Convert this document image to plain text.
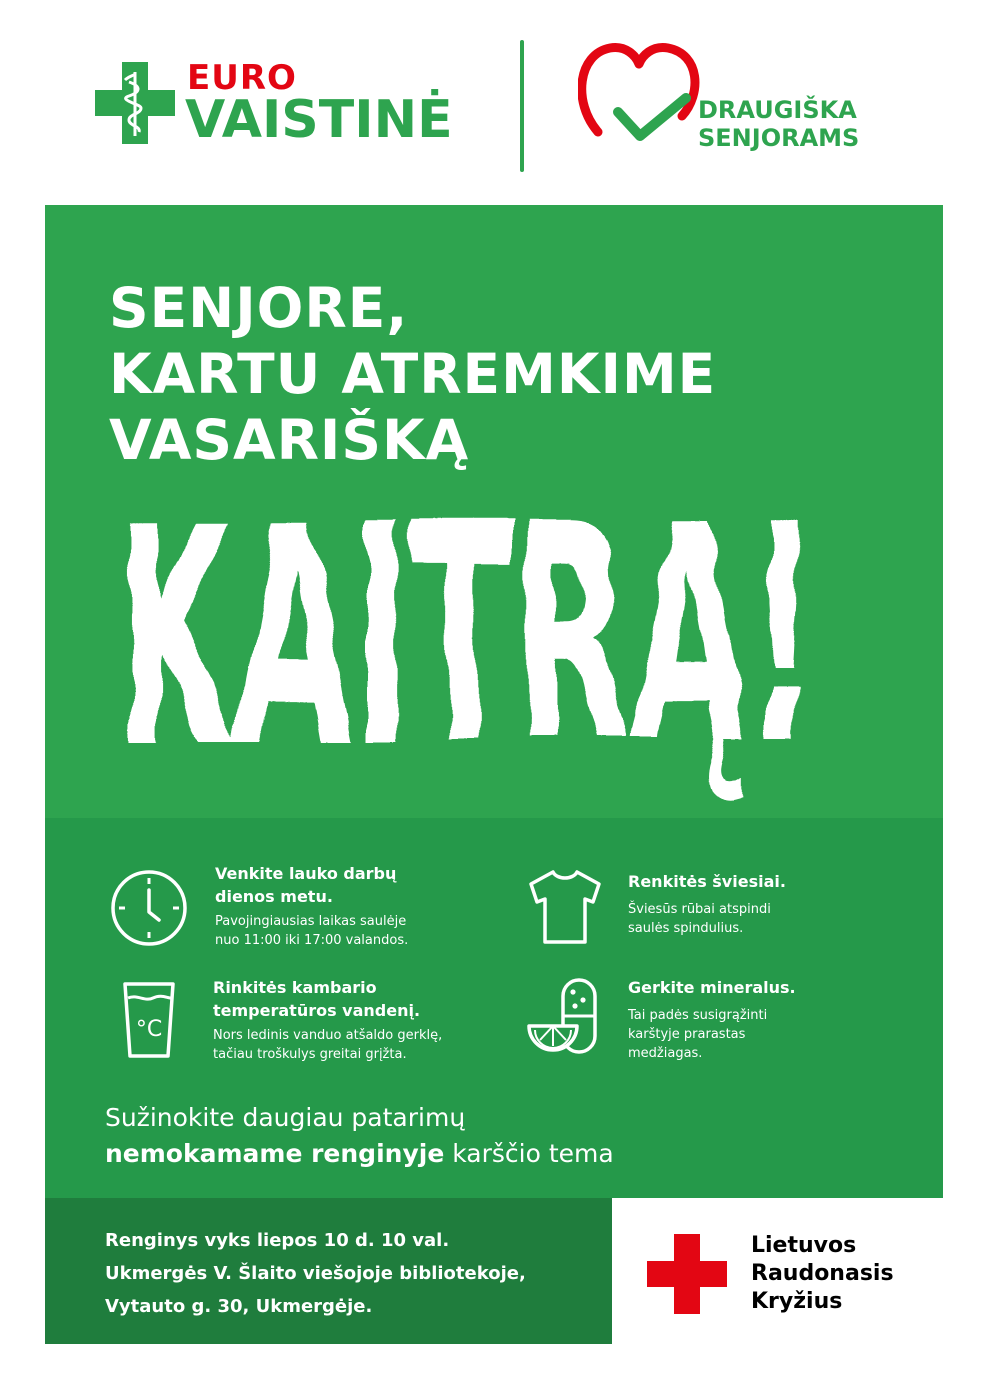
EURO
VAISTINĖ	DRAUGIŠKA
SENJORAMS
SENJORE,
KARTU ATREMKIME
VASARIŠKĄ
KAITRĄ!
Venkite lauko darbų
dienos metu.
Pavojingiausias laikas saulėje
nuo 11:00 iki 17:00 valandos.
Renkitės šviesiai.
Šviesūs rūbai atspindi
saulės spindulius.
°C
Rinkitės kambario
temperatūros vandenį.
Nors ledinis vanduo atšaldo gerklę,
tačiau troškulys greitai grįžta.
Gerkite mineralus.
Tai padės susigrąžinti
karštyje prarastas
medžiagas.
Sužinokite daugiau patarimų
nemokamame renginyje karščio tema
Renginys vyks liepos 10 d. 10 val.
Ukmergės V. Šlaito viešojoje bibliotekoje,
Vytauto g. 30, Ukmergėje.
Lietuvos
Raudonasis
Kryžius
